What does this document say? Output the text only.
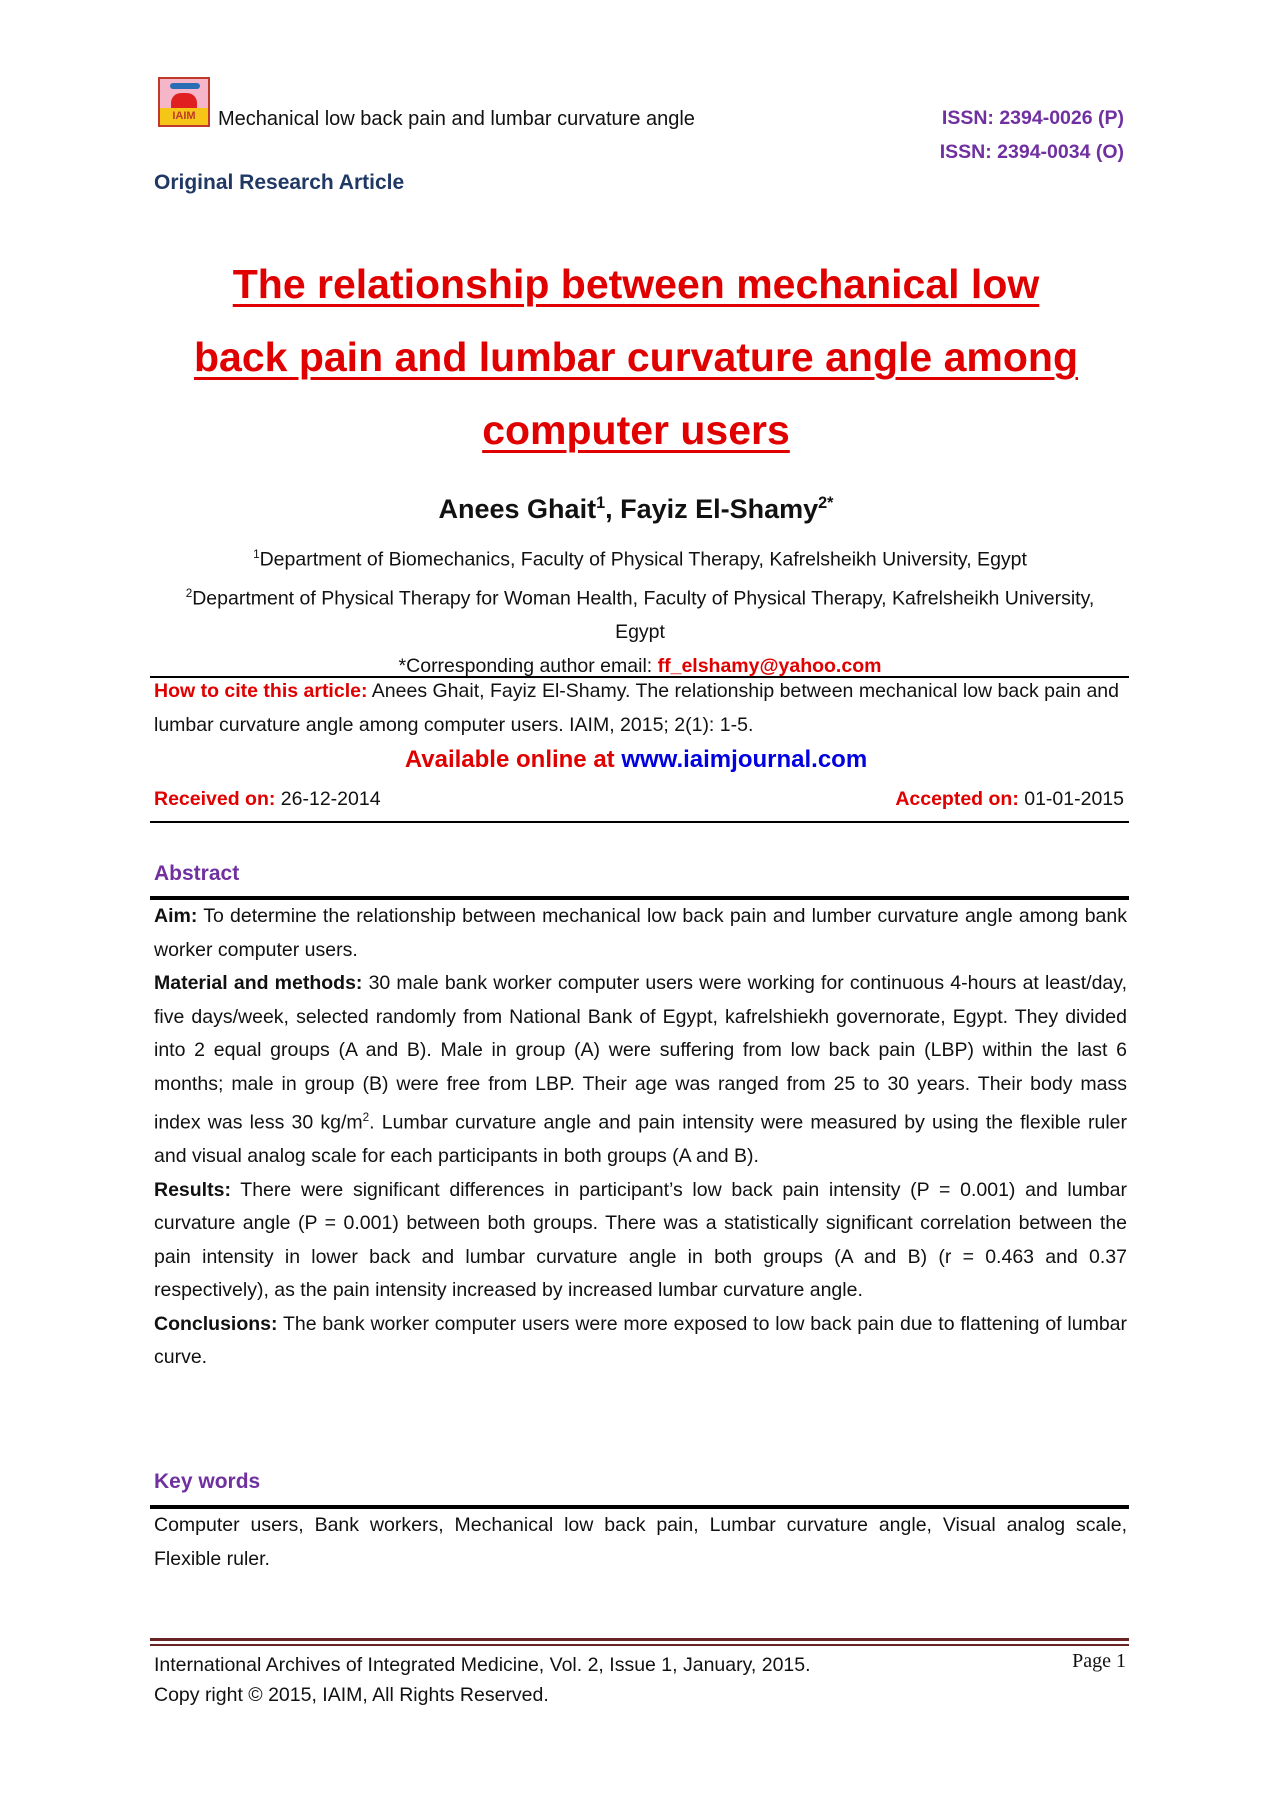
IAIM	Mechanical low back pain and lumbar curvature angle	ISSN: 2394-0026 (P)
ISSN: 2394-0034 (O)
Original Research Article
The relationship between mechanical low
back pain and lumbar curvature angle among
computer users
Anees Ghait$^1$, Fayiz El-Shamy$^{2*}$
$^1$Department of Biomechanics, Faculty of Physical Therapy, Kafrelsheikh University, Egypt
$^2$Department of Physical Therapy for Woman Health, Faculty of Physical Therapy, Kafrelsheikh University, Egypt
*Corresponding author email: ff_elshamy@yahoo.com
How to cite this article: Anees Ghait, Fayiz El-Shamy. The relationship between mechanical low back pain and lumbar curvature angle among computer users. IAIM, 2015; 2(1): 1-5.
Available online at www.iaimjournal.com
Received on: 26-12-2014	Accepted on: 01-01-2015
Abstract

Aim: To determine the relationship between mechanical low back pain and lumber curvature angle among bank worker computer users.

Material and methods: 30 male bank worker computer users were working for continuous 4-hours at least/day, five days/week, selected randomly from National Bank of Egypt, kafrelshiekh governorate, Egypt. They divided into 2 equal groups (A and B). Male in group (A) were suffering from low back pain (LBP) within the last 6 months; male in group (B) were free from LBP. Their age was ranged from 25 to 30 years. Their body mass index was less 30 $kg/m^2$. Lumbar curvature angle and pain intensity were measured by using the flexible ruler and visual analog scale for each participants in both groups (A and B).

Results: There were significant differences in participant’s low back pain intensity (P = 0.001) and lumbar curvature angle (P = 0.001) between both groups. There was a statistically significant correlation between the pain intensity in lower back and lumbar curvature angle in both groups (A and B) (r = 0.463 and 0.37 respectively), as the pain intensity increased by increased lumbar curvature angle.

Conclusions: The bank worker computer users were more exposed to low back pain due to flattening of lumbar curve.

Key words
Computer users, Bank workers, Mechanical low back pain, Lumbar curvature angle, Visual analog scale, Flexible ruler.
International Archives of Integrated Medicine, Vol. 2, Issue 1, January, 2015.
Copy right © 2015, IAIM, All Rights Reserved.
Page 1
